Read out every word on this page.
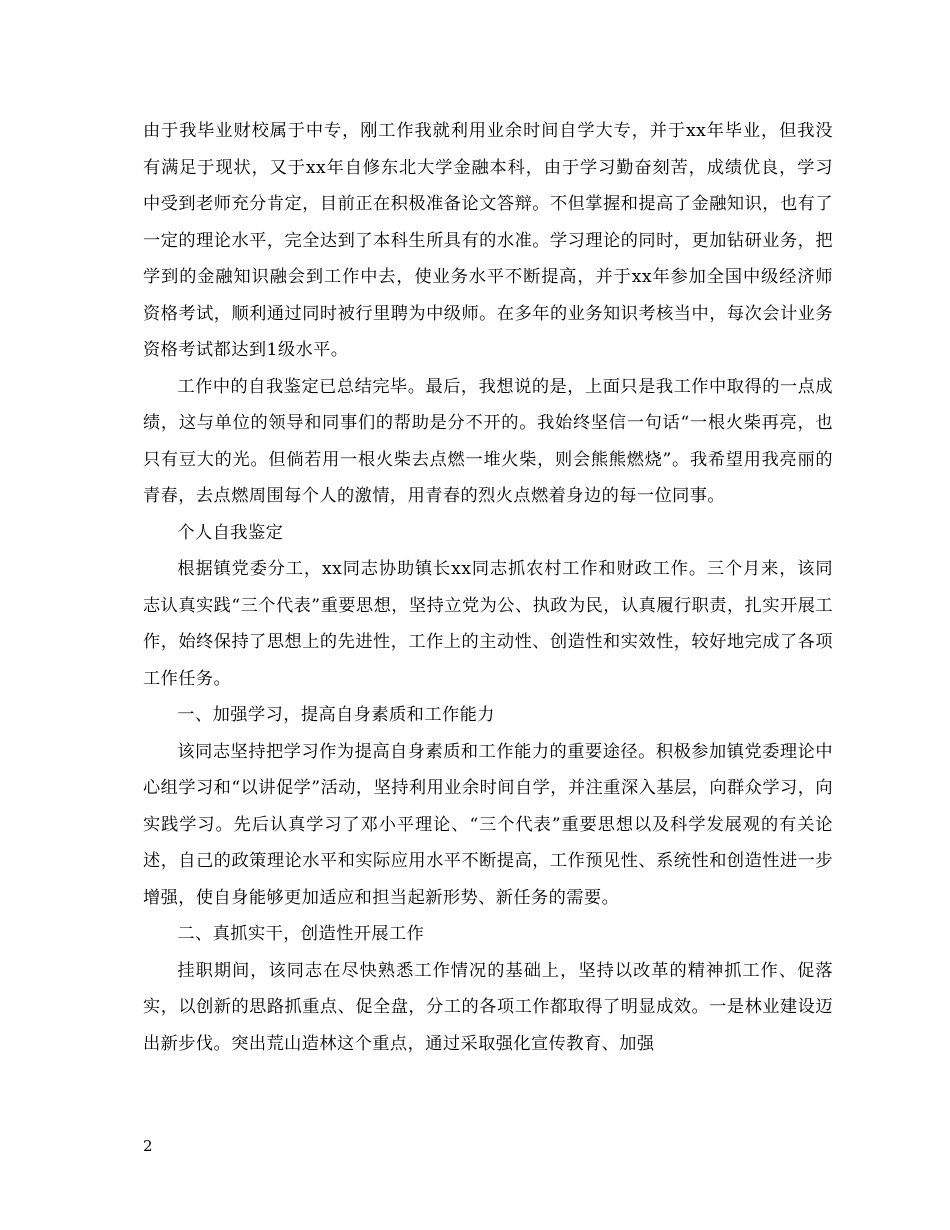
由于我毕业财校属于中专，刚工作我就利用业余时间自学大专，并于xx年毕业，但我没有满足于现状，又于xx年自修东北大学金融本科，由于学习勤奋刻苦，成绩优良，学习中受到老师充分肯定，目前正在积极准备论文答辩。不但掌握和提高了金融知识，也有了一定的理论水平，完全达到了本科生所具有的水准。学习理论的同时，更加钻研业务，把学到的金融知识融会到工作中去，使业务水平不断提高，并于xx年参加全国中级经济师资格考试，顺利通过同时被行里聘为中级师。在多年的业务知识考核当中，每次会计业务资格考试都达到1级水平。

工作中的自我鉴定已总结完毕。最后，我想说的是，上面只是我工作中取得的一点成绩，这与单位的领导和同事们的帮助是分不开的。我始终坚信一句话“一根火柴再亮，也只有豆大的光。但倘若用一根火柴去点燃一堆火柴，则会熊熊燃烧”。我希望用我亮丽的青春，去点燃周围每个人的激情，用青春的烈火点燃着身边的每一位同事。

个人自我鉴定

根据镇党委分工，xx同志协助镇长xx同志抓农村工作和财政工作。三个月来，该同志认真实践“三个代表”重要思想，坚持立党为公、执政为民，认真履行职责，扎实开展工作，始终保持了思想上的先进性，工作上的主动性、创造性和实效性，较好地完成了各项工作任务。

一、加强学习，提高自身素质和工作能力

该同志坚持把学习作为提高自身素质和工作能力的重要途径。积极参加镇党委理论中心组学习和“以讲促学”活动，坚持利用业余时间自学，并注重深入基层，向群众学习，向实践学习。先后认真学习了邓小平理论、“三个代表”重要思想以及科学发展观的有关论述，自己的政策理论水平和实际应用水平不断提高，工作预见性、系统性和创造性进一步增强，使自身能够更加适应和担当起新形势、新任务的需要。

二、真抓实干，创造性开展工作

挂职期间，该同志在尽快熟悉工作情况的基础上，坚持以改革的精神抓工作、促落实，以创新的思路抓重点、促全盘，分工的各项工作都取得了明显成效。一是林业建设迈出新步伐。突出荒山造林这个重点，通过采取强化宣传教育、加强

2
